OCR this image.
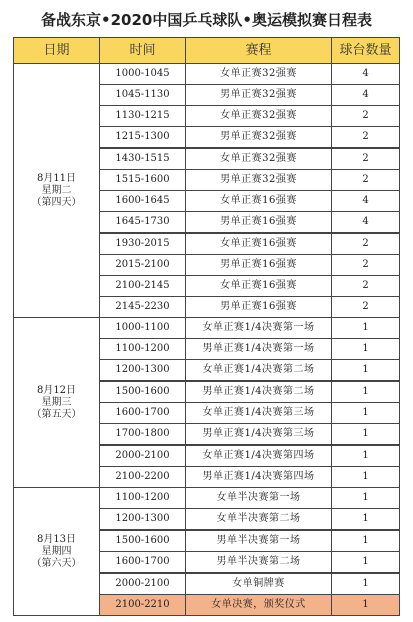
备战东京•2020中国乒乓球队•奥运模拟赛日程表
日期	时间	赛程	球台数量

8月11日
星期二
（第四天）	1000-1045	女单正赛32强赛	4
	1045-1130	男单正赛32强赛	4
	1130-1215	女单正赛32强赛	2
	1215-1300	男单正赛32强赛	2
	1430-1515	女单正赛32强赛	2
	1515-1600	男单正赛32强赛	2
	1600-1645	女单正赛16强赛	4
	1645-1730	男单正赛16强赛	4
	1930-2015	女单正赛16强赛	2
	2015-2100	男单正赛16强赛	2
	2100-2145	女单正赛16强赛	2
	2145-2230	男单正赛16强赛	2

8月12日
星期三
（第五天）	1000-1100	女单正赛1/4决赛第一场	1
	1100-1200	男单正赛1/4决赛第一场	1
	1200-1300	女单正赛1/4决赛第二场	1
	1500-1600	男单正赛1/4决赛第二场	1
	1600-1700	女单正赛1/4决赛第三场	1
	1700-1800	男单正赛1/4决赛第三场	1
	2000-2100	女单正赛1/4决赛第四场	1
	2100-2200	男单正赛1/4决赛第四场	1

8月13日
星期四
（第六天）	1100-1200	女单半决赛第一场	1
	1200-1300	女单半决赛第二场	1
	1500-1600	男单半决赛第一场	1
	1600-1700	男单半决赛第二场	1
	2000-2100	女单铜牌赛	1
	2100-2210	女单决赛，颁奖仪式	1
